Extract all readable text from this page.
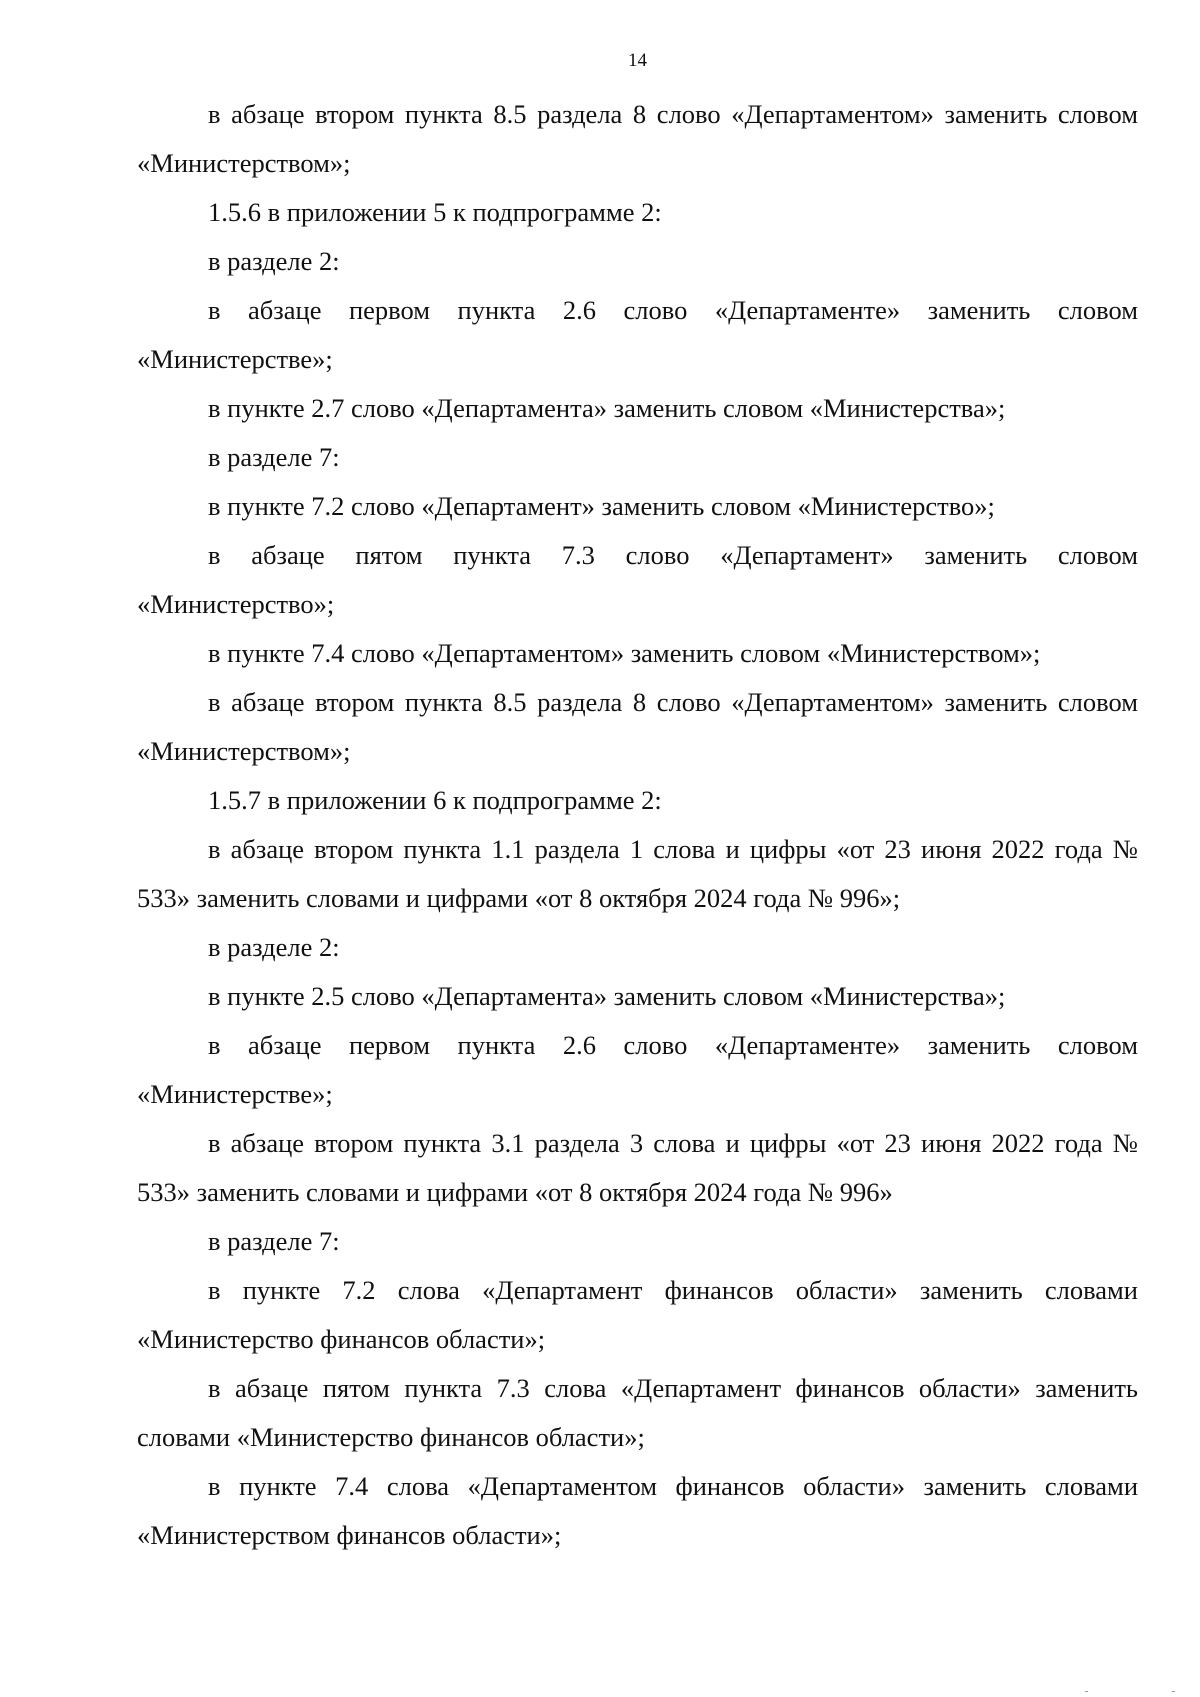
14

в абзаце втором пункта 8.5 раздела 8 слово «Департаментом» заменить словом «Министерством»;

1.5.6 в приложении 5 к подпрограмме 2:

в разделе 2:

в абзаце первом пункта 2.6 слово «Департаменте» заменить словом «Министерстве»;

в пункте 2.7 слово «Департамента» заменить словом «Министерства»;

в разделе 7:

в пункте 7.2 слово «Департамент» заменить словом «Министерство»;

в абзаце пятом пункта 7.3 слово «Департамент» заменить словом «Министерство»;

в пункте 7.4 слово «Департаментом» заменить словом «Министерством»;

в абзаце втором пункта 8.5 раздела 8 слово «Департаментом» заменить словом «Министерством»;

1.5.7 в приложении 6 к подпрограмме 2:

в абзаце втором пункта 1.1 раздела 1 слова и цифры «от 23 июня 2022 года № 533» заменить словами и цифрами «от 8 октября 2024 года № 996»;

в разделе 2:

в пункте 2.5 слово «Департамента» заменить словом «Министерства»;

в абзаце первом пункта 2.6 слово «Департаменте» заменить словом «Министерстве»;

в абзаце втором пункта 3.1 раздела 3 слова и цифры «от 23 июня 2022 года № 533» заменить словами и цифрами «от 8 октября 2024 года № 996»

в разделе 7:

в пункте 7.2 слова «Департамент финансов области» заменить словами «Министерство финансов области»;

в абзаце пятом пункта 7.3 слова «Департамент финансов области» заменить словами «Министерство финансов области»;

в пункте 7.4 слова «Департаментом финансов области» заменить словами «Министерством финансов области»;
